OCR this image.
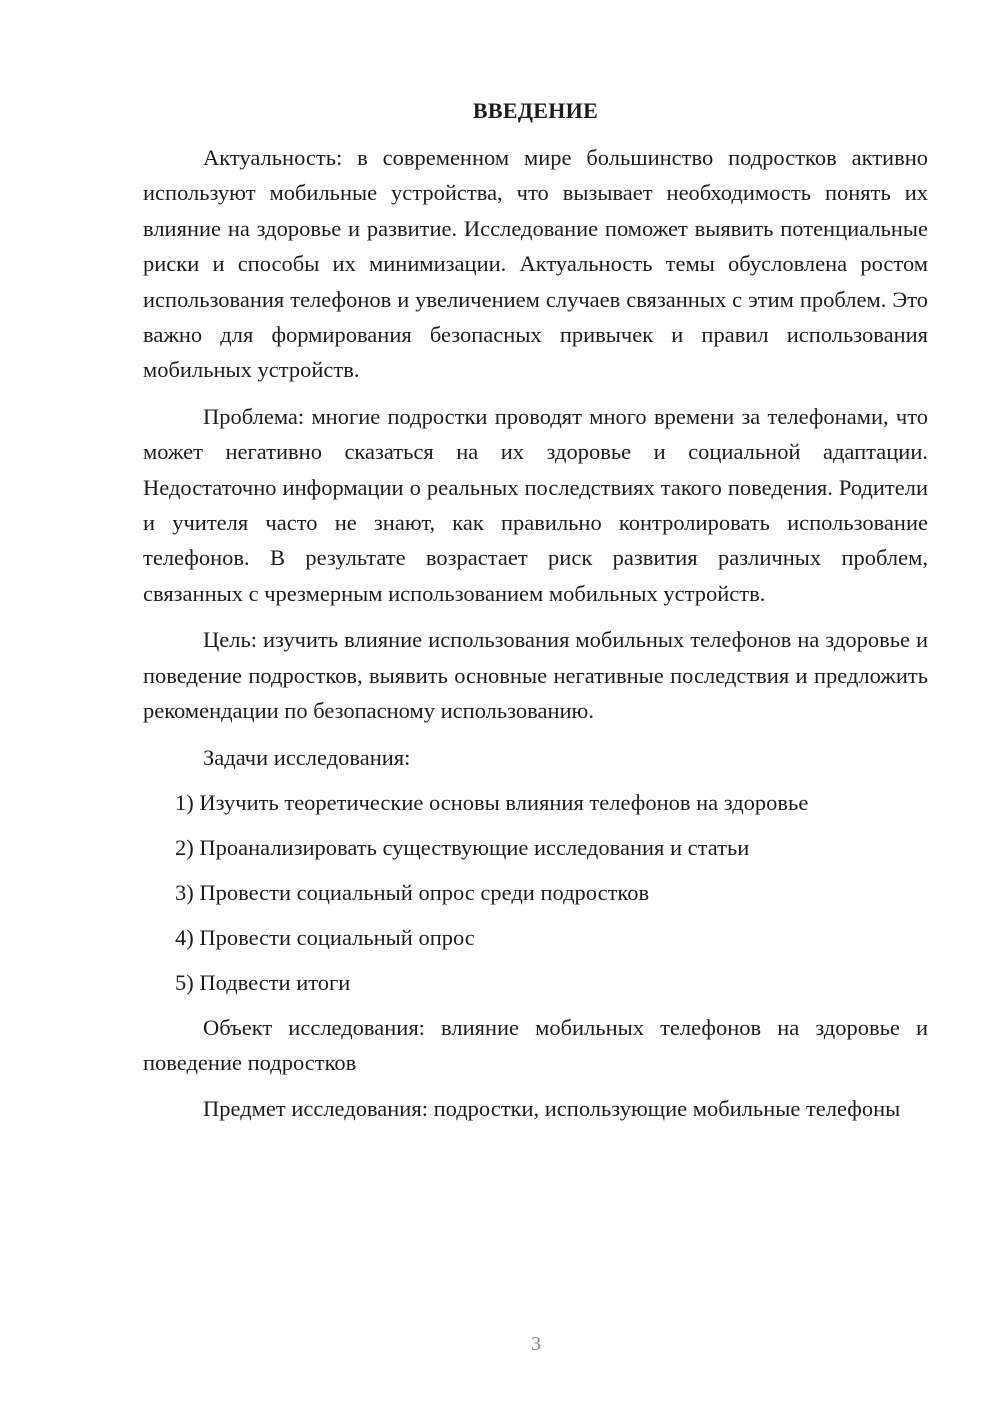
ВВЕДЕНИЕ

Актуальность: в современном мире большинство подростков активно используют мобильные устройства, что вызывает необходимость понять их влияние на здоровье и развитие. Исследование поможет выявить потенциальные риски и способы их минимизации. Актуальность темы обусловлена ростом использования телефонов и увеличением случаев связанных с этим проблем. Это важно для формирования безопасных привычек и правил использования мобильных устройств.

Проблема: многие подростки проводят много времени за телефонами, что может негативно сказаться на их здоровье и социальной адаптации. Недостаточно информации о реальных последствиях такого поведения. Родители и учителя часто не знают, как правильно контролировать использование телефонов. В результате возрастает риск развития различных проблем, связанных с чрезмерным использованием мобильных устройств.

Цель: изучить влияние использования мобильных телефонов на здоровье и поведение подростков, выявить основные негативные последствия и предложить рекомендации по безопасному использованию.

Задачи исследования:
1) Изучить теоретические основы влияния телефонов на здоровье
2) Проанализировать существующие исследования и статьи
3) Провести социальный опрос среди подростков
4) Провести социальный опрос
5) Подвести итоги

Объект исследования: влияние мобильных телефонов на здоровье и поведение подростков

Предмет исследования: подростки, использующие мобильные телефоны

3
